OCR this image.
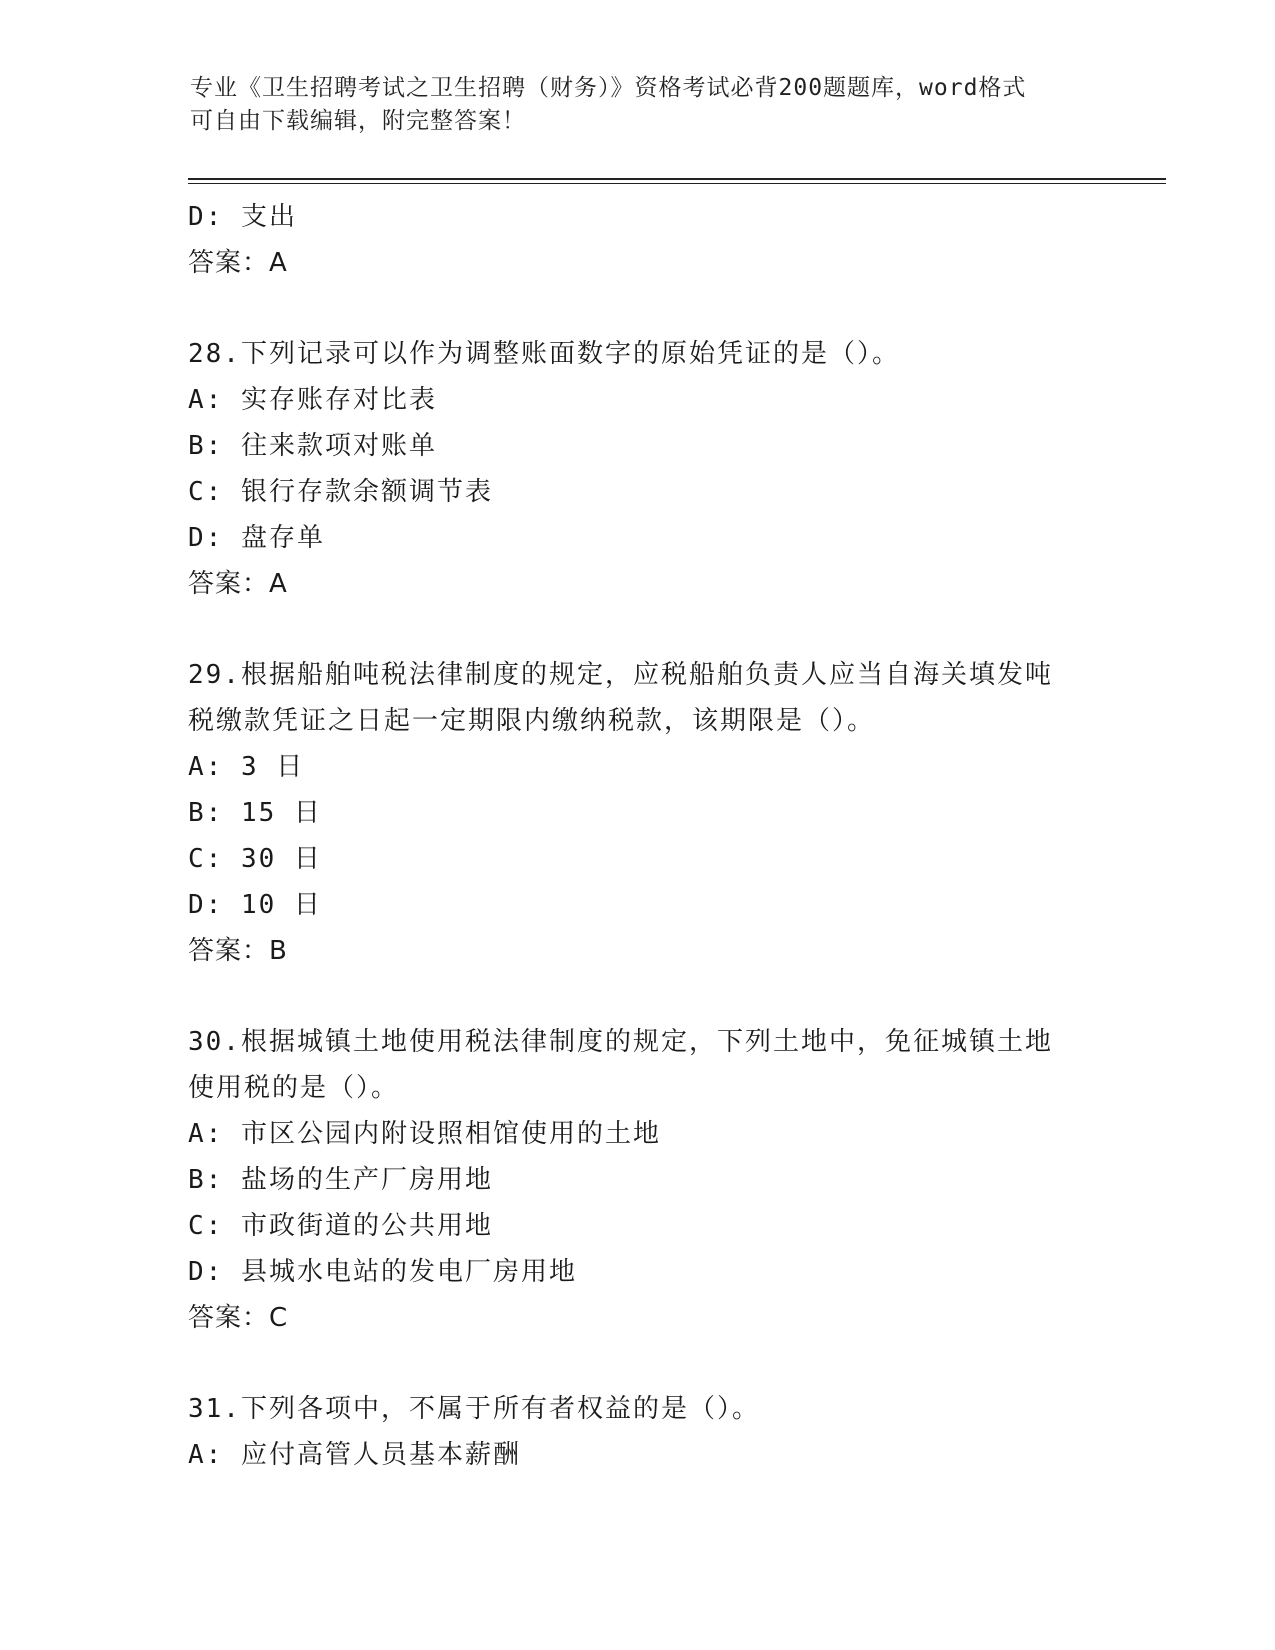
专业《卫生招聘考试之卫生招聘（财务）》资格考试必背200题题库，word格式
可自由下载编辑，附完整答案！
D: 支出
答案：A
28.下列记录可以作为调整账面数字的原始凭证的是（）。
A: 实存账存对比表
B: 往来款项对账单
C: 银行存款余额调节表
D: 盘存单
答案：A
29.根据船舶吨税法律制度的规定，应税船舶负责人应当自海关填发吨
税缴款凭证之日起一定期限内缴纳税款，该期限是（）。
A: 3 日
B: 15 日
C: 30 日
D: 10 日
答案：B
30.根据城镇土地使用税法律制度的规定，下列土地中，免征城镇土地
使用税的是（）。
A: 市区公园内附设照相馆使用的土地
B: 盐场的生产厂房用地
C: 市政街道的公共用地
D: 县城水电站的发电厂房用地
答案：C
31.下列各项中，不属于所有者权益的是（）。
A: 应付高管人员基本薪酬
